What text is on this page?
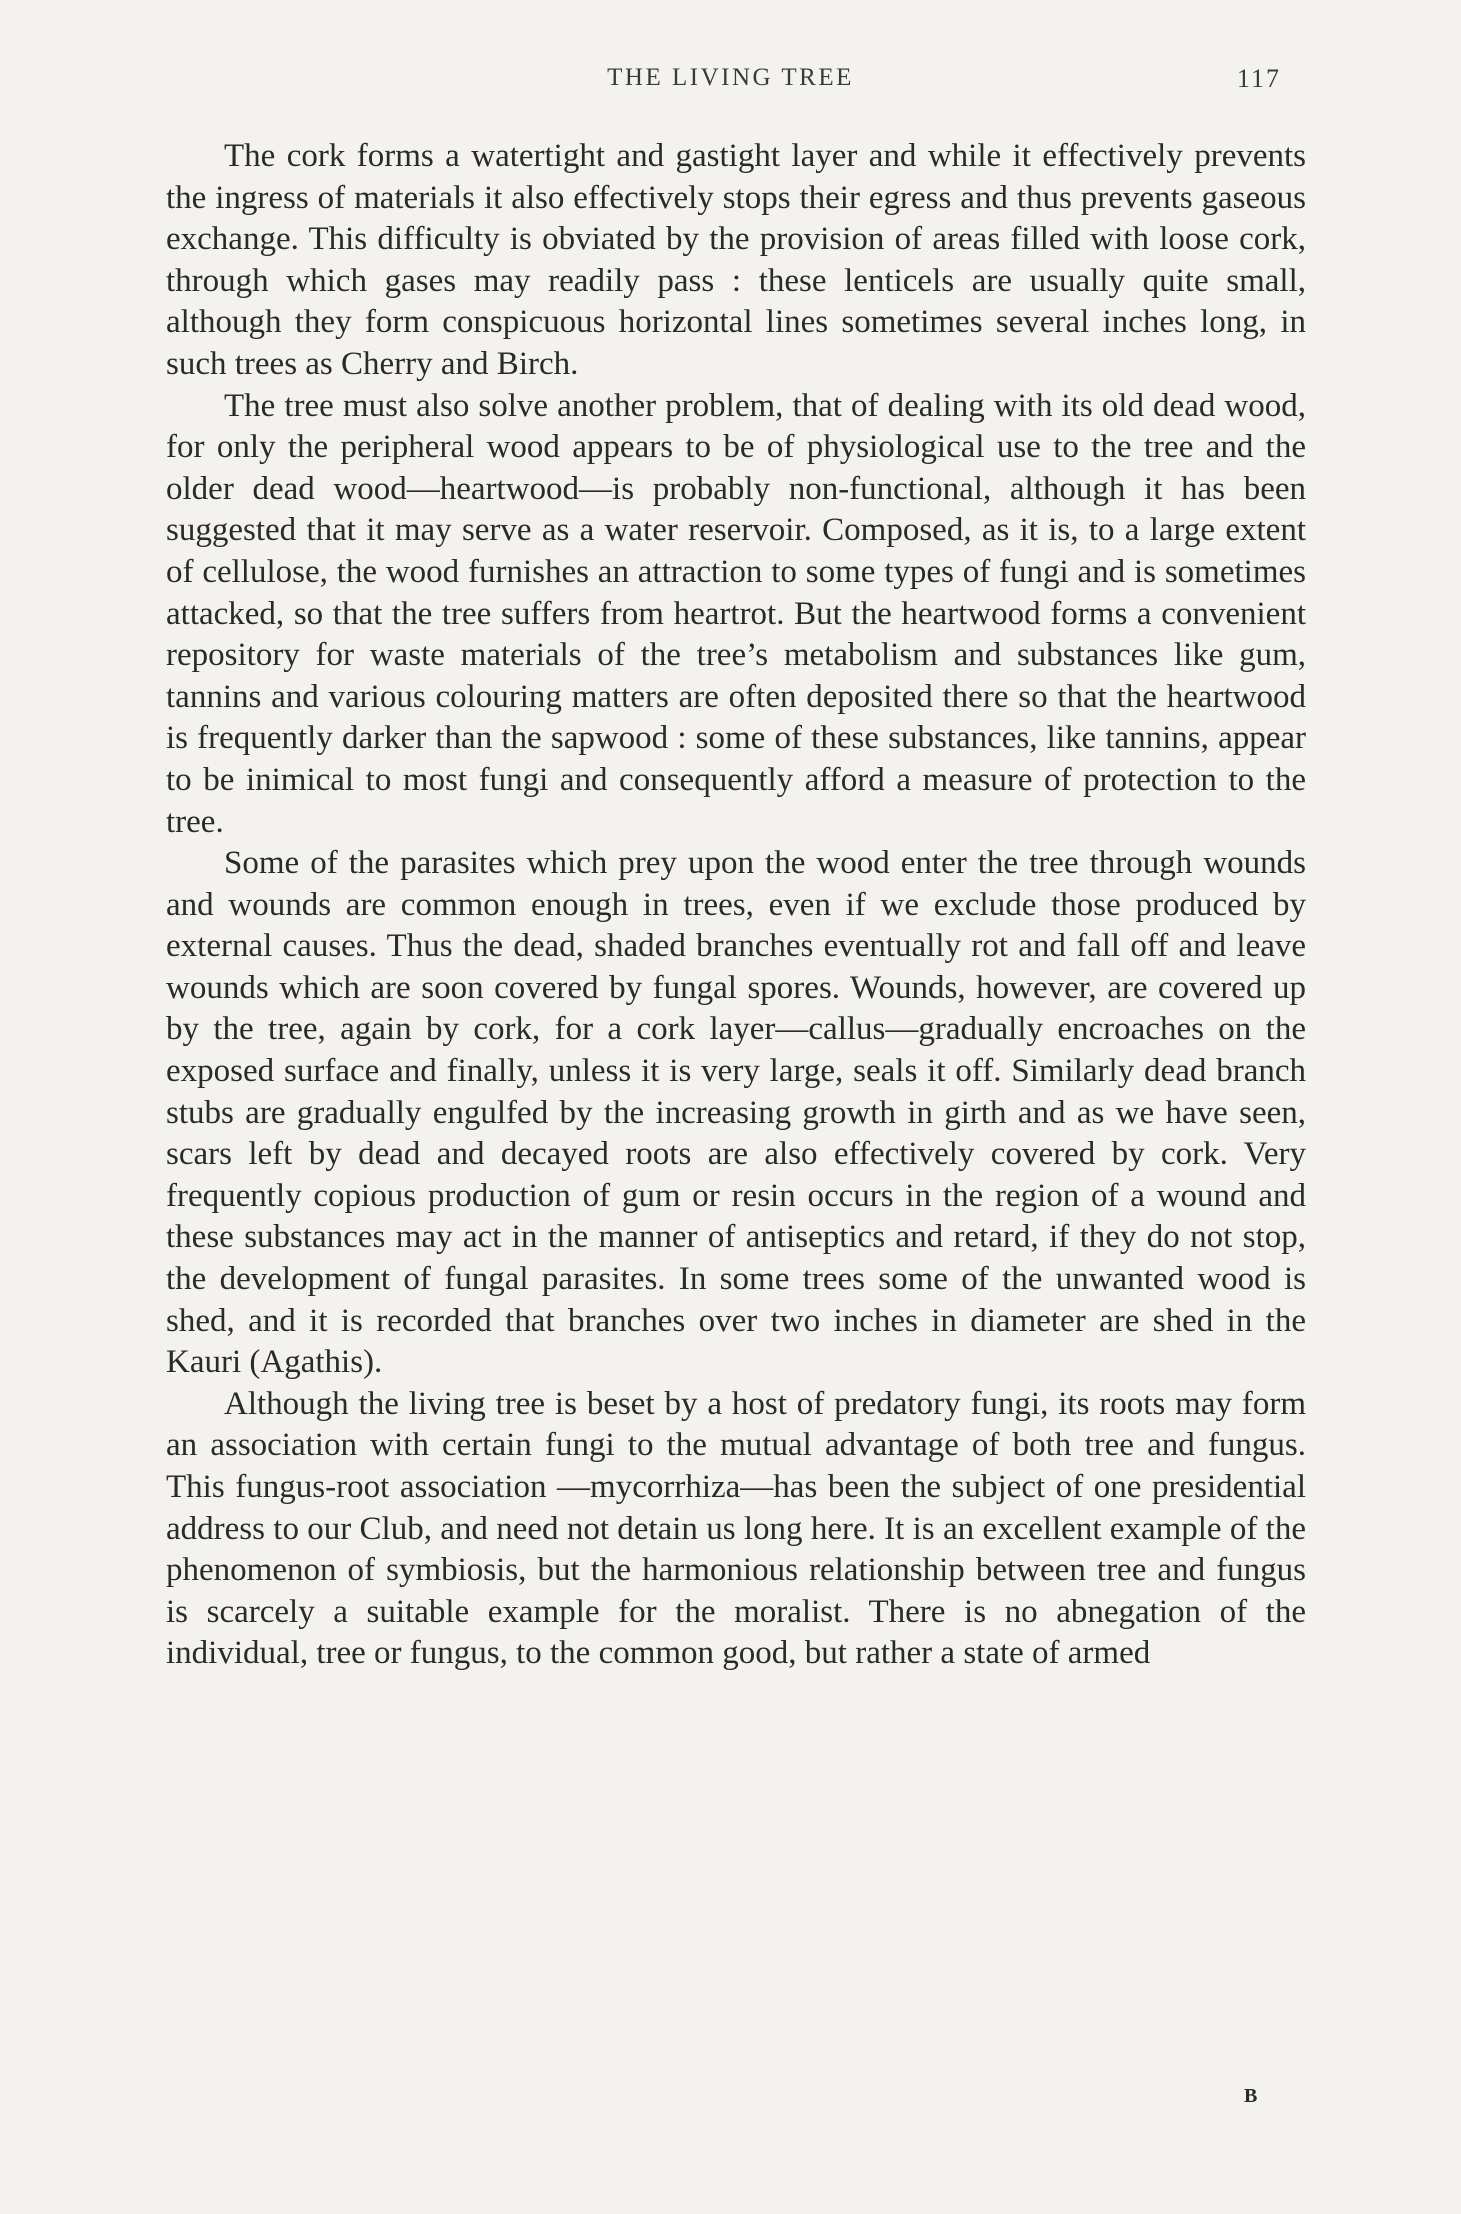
THE LIVING TREE	117

The cork forms a watertight and gastight layer and while it effectively prevents the ingress of materials it also effectively stops their egress and thus prevents gaseous exchange. This difficulty is obviated by the provision of areas filled with loose cork, through which gases may readily pass : these lenticels are usually quite small, although they form conspicuous horizontal lines sometimes several inches long, in such trees as Cherry and Birch.

The tree must also solve another problem, that of dealing with its old dead wood, for only the peripheral wood appears to be of physiological use to the tree and the older dead wood—heartwood—is probably non-functional, although it has been suggested that it may serve as a water reservoir. Composed, as it is, to a large extent of cellulose, the wood furnishes an attraction to some types of fungi and is sometimes attacked, so that the tree suffers from heartrot. But the heartwood forms a convenient repository for waste materials of the tree’s metabolism and substances like gum, tannins and various colouring matters are often deposited there so that the heartwood is frequently darker than the sapwood : some of these substances, like tannins, appear to be inimical to most fungi and consequently afford a measure of protection to the tree.

Some of the parasites which prey upon the wood enter the tree through wounds and wounds are common enough in trees, even if we exclude those produced by external causes. Thus the dead, shaded branches eventually rot and fall off and leave wounds which are soon covered by fungal spores. Wounds, however, are covered up by the tree, again by cork, for a cork layer—callus—gradually encroaches on the exposed surface and finally, unless it is very large, seals it off. Similarly dead branch stubs are gradually engulfed by the increasing growth in girth and as we have seen, scars left by dead and decayed roots are also effectively covered by cork. Very frequently copious production of gum or resin occurs in the region of a wound and these substances may act in the manner of antiseptics and retard, if they do not stop, the development of fungal parasites. In some trees some of the unwanted wood is shed, and it is recorded that branches over two inches in diameter are shed in the Kauri (Agathis).

Although the living tree is beset by a host of predatory fungi, its roots may form an association with certain fungi to the mutual advantage of both tree and fungus. This fungus-root association —mycorrhiza—has been the subject of one presidential address to our Club, and need not detain us long here. It is an excellent example of the phenomenon of symbiosis, but the harmonious relationship between tree and fungus is scarcely a suitable example for the moralist. There is no abnegation of the individual, tree or fungus, to the common good, but rather a state of armed

B
